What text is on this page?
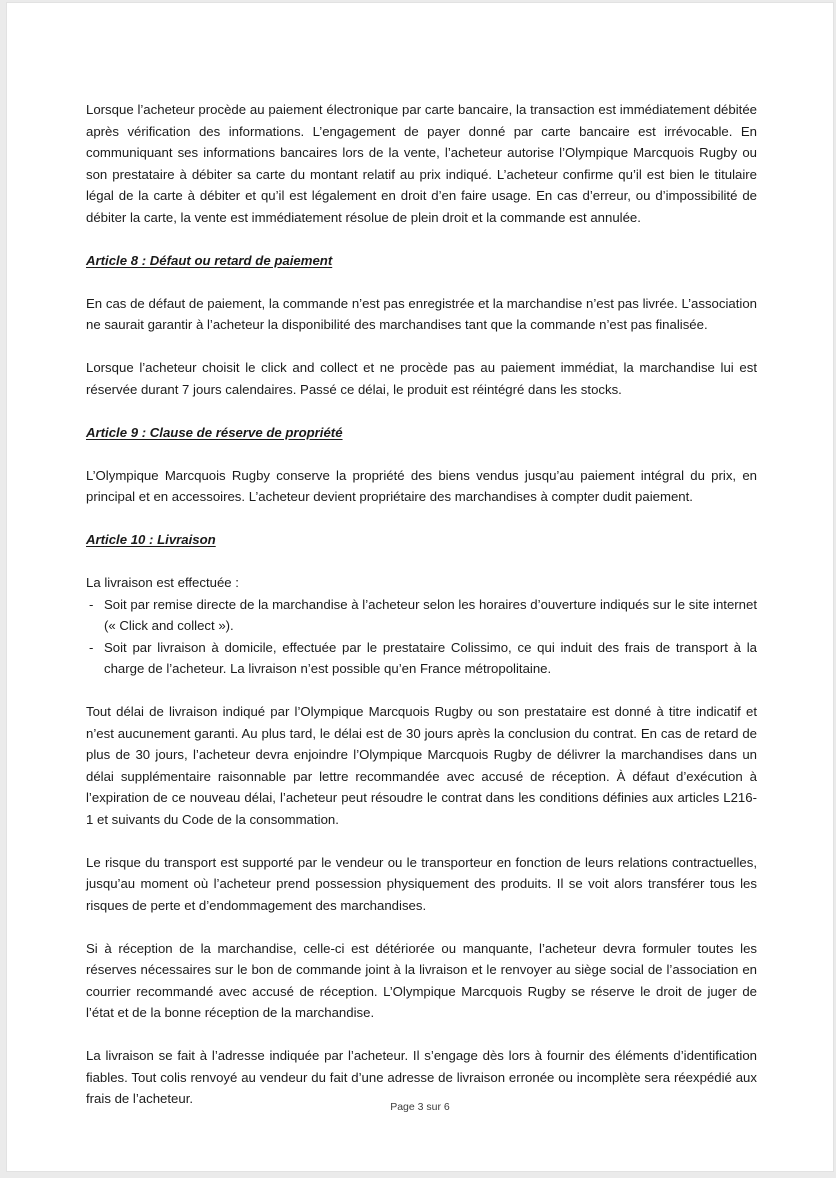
Lorsque l’acheteur procède au paiement électronique par carte bancaire, la transaction est immédiatement débitée après vérification des informations. L’engagement de payer donné par carte bancaire est irrévocable. En communiquant ses informations bancaires lors de la vente, l’acheteur autorise l’Olympique Marcquois Rugby ou son prestataire à débiter sa carte du montant relatif au prix indiqué. L’acheteur confirme qu’il est bien le titulaire légal de la carte à débiter et qu’il est légalement en droit d’en faire usage. En cas d’erreur, ou d’impossibilité de débiter la carte, la vente est immédiatement résolue de plein droit et la commande est annulée.

Article 8 : Défaut ou retard de paiement

En cas de défaut de paiement, la commande n’est pas enregistrée et la marchandise n’est pas livrée. L’association ne saurait garantir à l’acheteur la disponibilité des marchandises tant que la commande n’est pas finalisée.

Lorsque l’acheteur choisit le click and collect et ne procède pas au paiement immédiat, la marchandise lui est réservée durant 7 jours calendaires. Passé ce délai, le produit est réintégré dans les stocks.

Article 9 : Clause de réserve de propriété

L’Olympique Marcquois Rugby conserve la propriété des biens vendus jusqu’au paiement intégral du prix, en principal et en accessoires. L’acheteur devient propriétaire des marchandises à compter dudit paiement.

Article 10 : Livraison

La livraison est effectuée :

- Soit par remise directe de la marchandise à l’acheteur selon les horaires d’ouverture indiqués sur le site internet (« Click and collect »).
- Soit par livraison à domicile, effectuée par le prestataire Colissimo, ce qui induit des frais de transport à la charge de l’acheteur. La livraison n’est possible qu’en France métropolitaine.

Tout délai de livraison indiqué par l’Olympique Marcquois Rugby ou son prestataire est donné à titre indicatif et n’est aucunement garanti. Au plus tard, le délai est de 30 jours après la conclusion du contrat. En cas de retard de plus de 30 jours, l’acheteur devra enjoindre l’Olympique Marcquois Rugby de délivrer la marchandises dans un délai supplémentaire raisonnable par lettre recommandée avec accusé de réception. À défaut d’exécution à l’expiration de ce nouveau délai, l’acheteur peut résoudre le contrat dans les conditions définies aux articles L216-1 et suivants du Code de la consommation.

Le risque du transport est supporté par le vendeur ou le transporteur en fonction de leurs relations contractuelles, jusqu’au moment où l’acheteur prend possession physiquement des produits. Il se voit alors transférer tous les risques de perte et d’endommagement des marchandises.

Si à réception de la marchandise, celle-ci est détériorée ou manquante, l’acheteur devra formuler toutes les réserves nécessaires sur le bon de commande joint à la livraison et le renvoyer au siège social de l’association en courrier recommandé avec accusé de réception. L’Olympique Marcquois Rugby se réserve le droit de juger de l’état et de la bonne réception de la marchandise.

La livraison se fait à l’adresse indiquée par l’acheteur. Il s’engage dès lors à fournir des éléments d’identification fiables. Tout colis renvoyé au vendeur du fait d’une adresse de livraison erronée ou incomplète sera réexpédié aux frais de l’acheteur.

Page 3 sur 6
